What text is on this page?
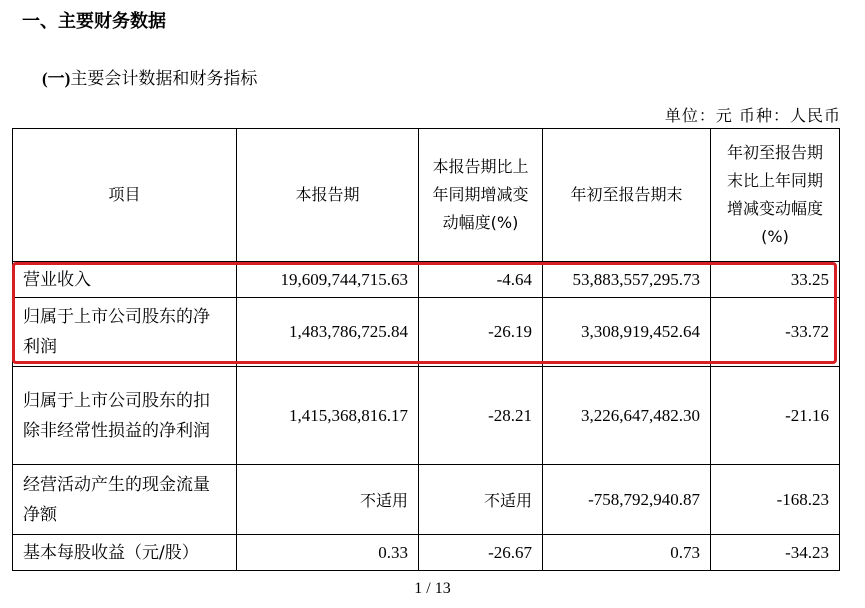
一、主要财务数据
(一)主要会计数据和财务指标
单位：元 币种：人民币
项目	本报告期	本报告期比上年同期增减变动幅度(%)	年初至报告期末	年初至报告期末比上年同期增减变动幅度(%)
营业收入	19,609,744,715.63	-4.64	53,883,557,295.73	33.25
归属于上市公司股东的净利润	1,483,786,725.84	-26.19	3,308,919,452.64	-33.72
归属于上市公司股东的扣除非经常性损益的净利润	1,415,368,816.17	-28.21	3,226,647,482.30	-21.16
经营活动产生的现金流量净额	不适用	不适用	-758,792,940.87	-168.23
基本每股收益（元/股）	0.33	-26.67	0.73	-34.23
1 / 13
